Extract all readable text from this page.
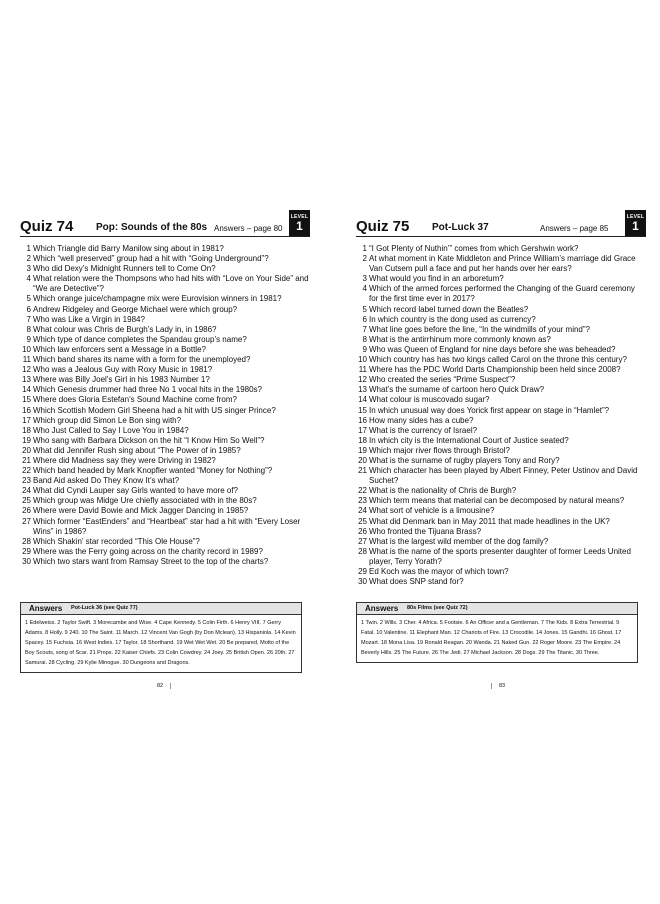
Quiz 74 Pop: Sounds of the 80s Answers – page 80
LEVEL
1
1 Which Triangle did Barry Manilow sing about in 1981?
2 Which “well preserved” group had a hit with “Going Underground”?
3 Who did Dexy’s Midnight Runners tell to Come On?
4 What relation were the Thompsons who had hits with “Love on Your Side” and “We are Detective”?
5 Which orange juice/champagne mix were Eurovision winners in 1981?
6 Andrew Ridgeley and George Michael were which group?
7 Who was Like a Virgin in 1984?
8 What colour was Chris de Burgh’s Lady in, in 1986?
9 Which type of dance completes the Spandau group’s name?
10 Which law enforcers sent a Message in a Bottle?
11 Which band shares its name with a form for the unemployed?
12 Who was a Jealous Guy with Roxy Music in 1981?
13 Where was Billy Joel’s Girl in his 1983 Number 1?
14 Which Genesis drummer had three No 1 vocal hits in the 1980s?
15 Where does Gloria Estefan’s Sound Machine come from?
16 Which Scottish Modern Girl Sheena had a hit with US singer Prince?
17 Which group did Simon Le Bon sing with?
18 Who Just Called to Say I Love You in 1984?
19 Who sang with Barbara Dickson on the hit “I Know Him So Well”?
20 What did Jennifer Rush sing about “The Power of in 1985?
21 Where did Madness say they were Driving in 1982?
22 Which band headed by Mark Knopfler wanted “Money for Nothing”?
23 Band Aid asked Do They Know It’s what?
24 What did Cyndi Lauper say Girls wanted to have more of?
25 Which group was Midge Ure chiefly associated with in the 80s?
26 Where were David Bowie and Mick Jagger Dancing in 1985?
27 Which former “EastEnders” and “Heartbeat” star had a hit with “Every Loser Wins” in 1986?
28 Which Shakin’ star recorded “This Ole House”?
29 Where was the Ferry going across on the charity record in 1989?
30 Which two stars want from Ramsay Street to the top of the charts?
Answers Pot-Luck 36 (see Quiz 77)

1 Edelweiss. 2 Taylor Swift. 3 Morecambe and Wise. 4 Cape Kennedy. 5 Colin Firth. 6 Henry VIII. 7 Gerry Adams. 8 Holly. 9 240. 10 The Saint. 11 March. 12 Vincent Van Gogh (by Don Mclean). 13 Hispaniola. 14 Kevin Spacey. 15 Fuchsia. 16 West Indies. 17 Taylor. 18 Shorthand. 19 Wet Wet Wet. 20 Be prepared, Motto of the Boy Scouts, song of Scar. 21 Props. 22 Kaiser Chiefs. 23 Colin Cowdrey. 24 Joey. 25 British Open. 26 20th. 27 Samurai. 28 Cycling. 29 Kylie Minogue. 30 Dungeons and Dragons.

82
Quiz 75 Pot-Luck 37	Answers – page 85
LEVEL
1
1 “I Got Plenty of Nuthin’” comes from which Gershwin work?
2 At what moment in Kate Middleton and Prince William’s marriage did Grace Van Cutsem pull a face and put her hands over her ears?
3 What would you find in an arboretum?
4 Which of the armed forces performed the Changing of the Guard ceremony for the first time ever in 2017?
5 Which record label turned down the Beatles?
6 In which country is the dong used as currency?
7 What line goes before the line, “In the windmills of your mind”?
8 What is the antirrhinum more commonly known as?
9 Who was Queen of England for nine days before she was beheaded?
10 Which country has has two kings called Carol on the throne this century?
11 Where has the PDC World Darts Championship been held since 2008?
12 Who created the series “Prime Suspect”?
13 What’s the surname of cartoon hero Quick Draw?
14 What colour is muscovado sugar?
15 In which unusual way does Yorick first appear on stage in “Hamlet”?
16 How many sides has a cube?
17 What is the currency of Israel?
18 In which city is the International Court of Justice seated?
19 Which major river flows through Bristol?
20 What is the surname of rugby players Tony and Rory?
21 Which character has been played by Albert Finney, Peter Ustinov and David Suchet?
22 What is the nationality of Chris de Burgh?
23 Which term means that material can be decomposed by natural means?
24 What sort of vehicle is a limousine?
25 What did Denmark ban in May 2011 that made headlines in the UK?
26 Who fronted the Tijuana Brass?
27 What is the largest wild member of the dog family?
28 What is the name of the sports presenter daughter of former Leeds United player, Terry Yorath?
29 Ed Koch was the mayor of which town?
30 What does SNP stand for?
Answers 80s Films (see Quiz 72)

1 Twin. 2 Wills. 3 Cher. 4 Africa. 5 Footsie. 6 An Officer and a Gentleman. 7 The Kids. 8 Extra Terrestrial. 9 Fatal. 10 Valentine. 11 Elephant Man. 12 Chariots of Fire. 13 Crocodile. 14 Jones. 15 Gandhi. 16 Ghost. 17 Mozart. 18 Mona Lisa. 19 Ronald Reagan. 20 Wanda. 21 Naked Gun. 22 Roger Moore. 23 The Empire. 24 Beverly Hills. 25 The Future. 26 The Jedi. 27 Michael Jackson. 28 Dogs. 29 The Titanic. 30 Three.

83
